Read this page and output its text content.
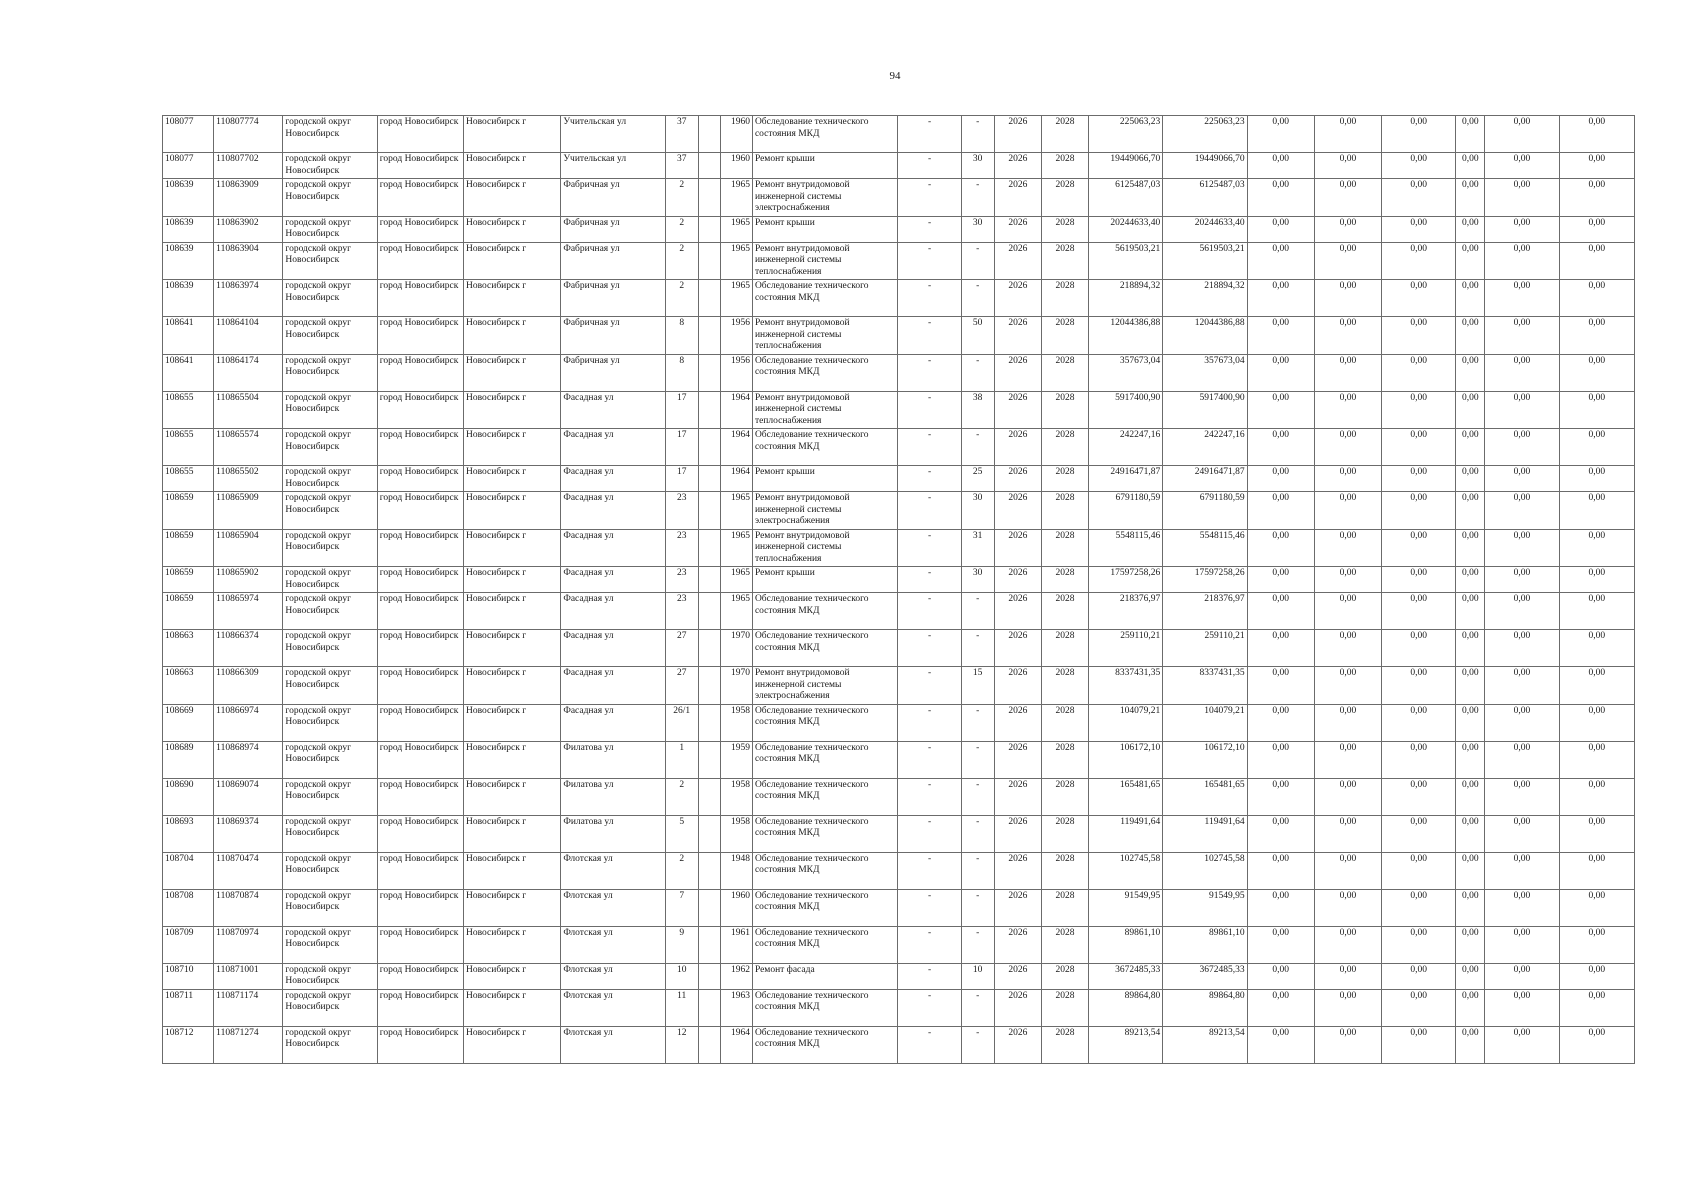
94
108077	110807774	городской округ Новосибирск	город Новосибирск	Новосибирск г	Учительская ул	37		1960	Обследование технического состояния МКД	-	-	2026	2028	225063,23	225063,23	0,00	0,00	0,00	0,00	0,00	0,00
108077	110807702	городской округ Новосибирск	город Новосибирск	Новосибирск г	Учительская ул	37		1960	Ремонт крыши	-	30	2026	2028	19449066,70	19449066,70	0,00	0,00	0,00	0,00	0,00	0,00
108639	110863909	городской округ Новосибирск	город Новосибирск	Новосибирск г	Фабричная ул	2		1965	Ремонт внутридомовой инженерной системы электроснабжения	-	-	2026	2028	6125487,03	6125487,03	0,00	0,00	0,00	0,00	0,00	0,00
108639	110863902	городской округ Новосибирск	город Новосибирск	Новосибирск г	Фабричная ул	2		1965	Ремонт крыши	-	30	2026	2028	20244633,40	20244633,40	0,00	0,00	0,00	0,00	0,00	0,00
108639	110863904	городской округ Новосибирск	город Новосибирск	Новосибирск г	Фабричная ул	2		1965	Ремонт внутридомовой инженерной системы теплоснабжения	-	-	2026	2028	5619503,21	5619503,21	0,00	0,00	0,00	0,00	0,00	0,00
108639	110863974	городской округ Новосибирск	город Новосибирск	Новосибирск г	Фабричная ул	2		1965	Обследование технического состояния МКД	-	-	2026	2028	218894,32	218894,32	0,00	0,00	0,00	0,00	0,00	0,00
108641	110864104	городской округ Новосибирск	город Новосибирск	Новосибирск г	Фабричная ул	8		1956	Ремонт внутридомовой инженерной системы теплоснабжения	-	50	2026	2028	12044386,88	12044386,88	0,00	0,00	0,00	0,00	0,00	0,00
108641	110864174	городской округ Новосибирск	город Новосибирск	Новосибирск г	Фабричная ул	8		1956	Обследование технического состояния МКД	-	-	2026	2028	357673,04	357673,04	0,00	0,00	0,00	0,00	0,00	0,00
108655	110865504	городской округ Новосибирск	город Новосибирск	Новосибирск г	Фасадная ул	17		1964	Ремонт внутридомовой инженерной системы теплоснабжения	-	38	2026	2028	5917400,90	5917400,90	0,00	0,00	0,00	0,00	0,00	0,00
108655	110865574	городской округ Новосибирск	город Новосибирск	Новосибирск г	Фасадная ул	17		1964	Обследование технического состояния МКД	-	-	2026	2028	242247,16	242247,16	0,00	0,00	0,00	0,00	0,00	0,00
108655	110865502	городской округ Новосибирск	город Новосибирск	Новосибирск г	Фасадная ул	17		1964	Ремонт крыши	-	25	2026	2028	24916471,87	24916471,87	0,00	0,00	0,00	0,00	0,00	0,00
108659	110865909	городской округ Новосибирск	город Новосибирск	Новосибирск г	Фасадная ул	23		1965	Ремонт внутридомовой инженерной системы электроснабжения	-	30	2026	2028	6791180,59	6791180,59	0,00	0,00	0,00	0,00	0,00	0,00
108659	110865904	городской округ Новосибирск	город Новосибирск	Новосибирск г	Фасадная ул	23		1965	Ремонт внутридомовой инженерной системы теплоснабжения	-	31	2026	2028	5548115,46	5548115,46	0,00	0,00	0,00	0,00	0,00	0,00
108659	110865902	городской округ Новосибирск	город Новосибирск	Новосибирск г	Фасадная ул	23		1965	Ремонт крыши	-	30	2026	2028	17597258,26	17597258,26	0,00	0,00	0,00	0,00	0,00	0,00
108659	110865974	городской округ Новосибирск	город Новосибирск	Новосибирск г	Фасадная ул	23		1965	Обследование технического состояния МКД	-	-	2026	2028	218376,97	218376,97	0,00	0,00	0,00	0,00	0,00	0,00
108663	110866374	городской округ Новосибирск	город Новосибирск	Новосибирск г	Фасадная ул	27		1970	Обследование технического состояния МКД	-	-	2026	2028	259110,21	259110,21	0,00	0,00	0,00	0,00	0,00	0,00
108663	110866309	городской округ Новосибирск	город Новосибирск	Новосибирск г	Фасадная ул	27		1970	Ремонт внутридомовой инженерной системы электроснабжения	-	15	2026	2028	8337431,35	8337431,35	0,00	0,00	0,00	0,00	0,00	0,00
108669	110866974	городской округ Новосибирск	город Новосибирск	Новосибирск г	Фасадная ул	26/1		1958	Обследование технического состояния МКД	-	-	2026	2028	104079,21	104079,21	0,00	0,00	0,00	0,00	0,00	0,00
108689	110868974	городской округ Новосибирск	город Новосибирск	Новосибирск г	Филатова ул	1		1959	Обследование технического состояния МКД	-	-	2026	2028	106172,10	106172,10	0,00	0,00	0,00	0,00	0,00	0,00
108690	110869074	городской округ Новосибирск	город Новосибирск	Новосибирск г	Филатова ул	2		1958	Обследование технического состояния МКД	-	-	2026	2028	165481,65	165481,65	0,00	0,00	0,00	0,00	0,00	0,00
108693	110869374	городской округ Новосибирск	город Новосибирск	Новосибирск г	Филатова ул	5		1958	Обследование технического состояния МКД	-	-	2026	2028	119491,64	119491,64	0,00	0,00	0,00	0,00	0,00	0,00
108704	110870474	городской округ Новосибирск	город Новосибирск	Новосибирск г	Флотская ул	2		1948	Обследование технического состояния МКД	-	-	2026	2028	102745,58	102745,58	0,00	0,00	0,00	0,00	0,00	0,00
108708	110870874	городской округ Новосибирск	город Новосибирск	Новосибирск г	Флотская ул	7		1960	Обследование технического состояния МКД	-	-	2026	2028	91549,95	91549,95	0,00	0,00	0,00	0,00	0,00	0,00
108709	110870974	городской округ Новосибирск	город Новосибирск	Новосибирск г	Флотская ул	9		1961	Обследование технического состояния МКД	-	-	2026	2028	89861,10	89861,10	0,00	0,00	0,00	0,00	0,00	0,00
108710	110871001	городской округ Новосибирск	город Новосибирск	Новосибирск г	Флотская ул	10		1962	Ремонт фасада	-	10	2026	2028	3672485,33	3672485,33	0,00	0,00	0,00	0,00	0,00	0,00
108711	110871174	городской округ Новосибирск	город Новосибирск	Новосибирск г	Флотская ул	11		1963	Обследование технического состояния МКД	-	-	2026	2028	89864,80	89864,80	0,00	0,00	0,00	0,00	0,00	0,00
108712	110871274	городской округ Новосибирск	город Новосибирск	Новосибирск г	Флотская ул	12		1964	Обследование технического состояния МКД	-	-	2026	2028	89213,54	89213,54	0,00	0,00	0,00	0,00	0,00	0,00
